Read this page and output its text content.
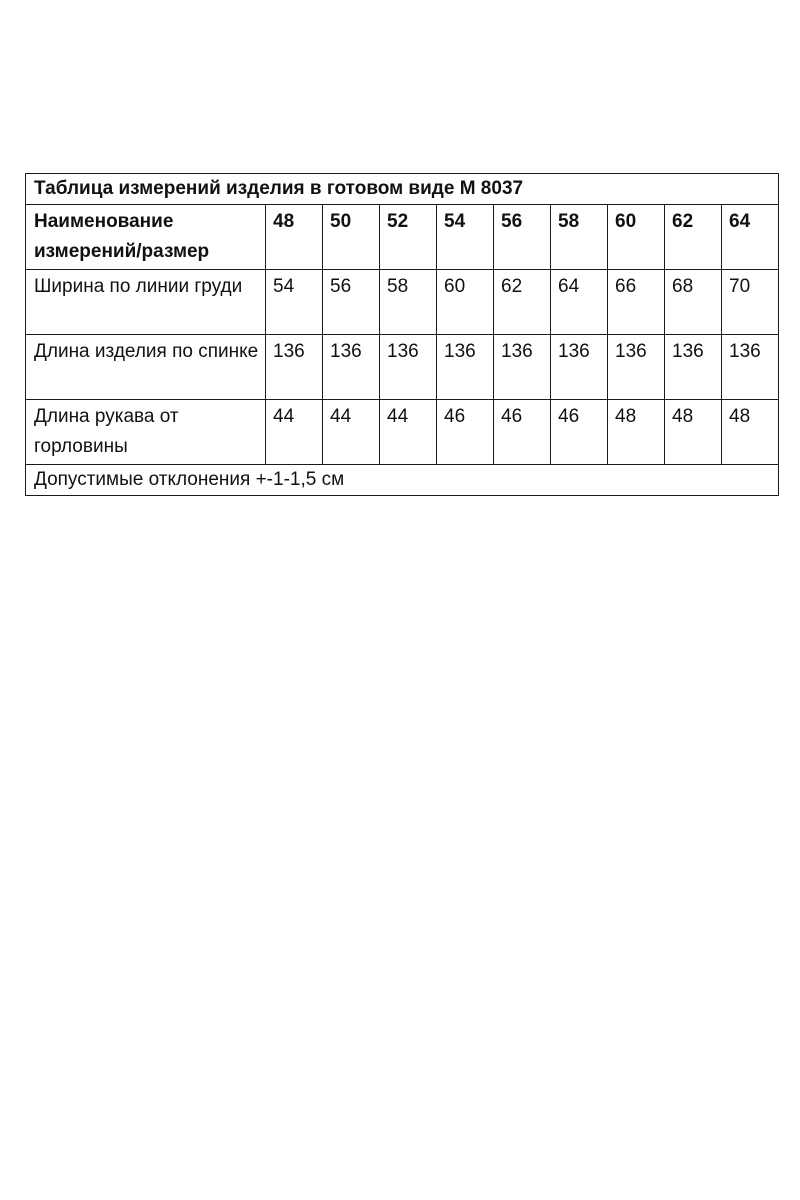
Таблица измерений изделия в готовом виде М 8037									
Наименование измерений/размер	48	50	52	54	56	58	60	62	64
Ширина по линии груди	54	56	58	60	62	64	66	68	70
Длина изделия по спинке	136	136	136	136	136	136	136	136	136
Длина рукава от горловины	44	44	44	46	46	46	48	48	48
Допустимые отклонения +-1-1,5 см									
